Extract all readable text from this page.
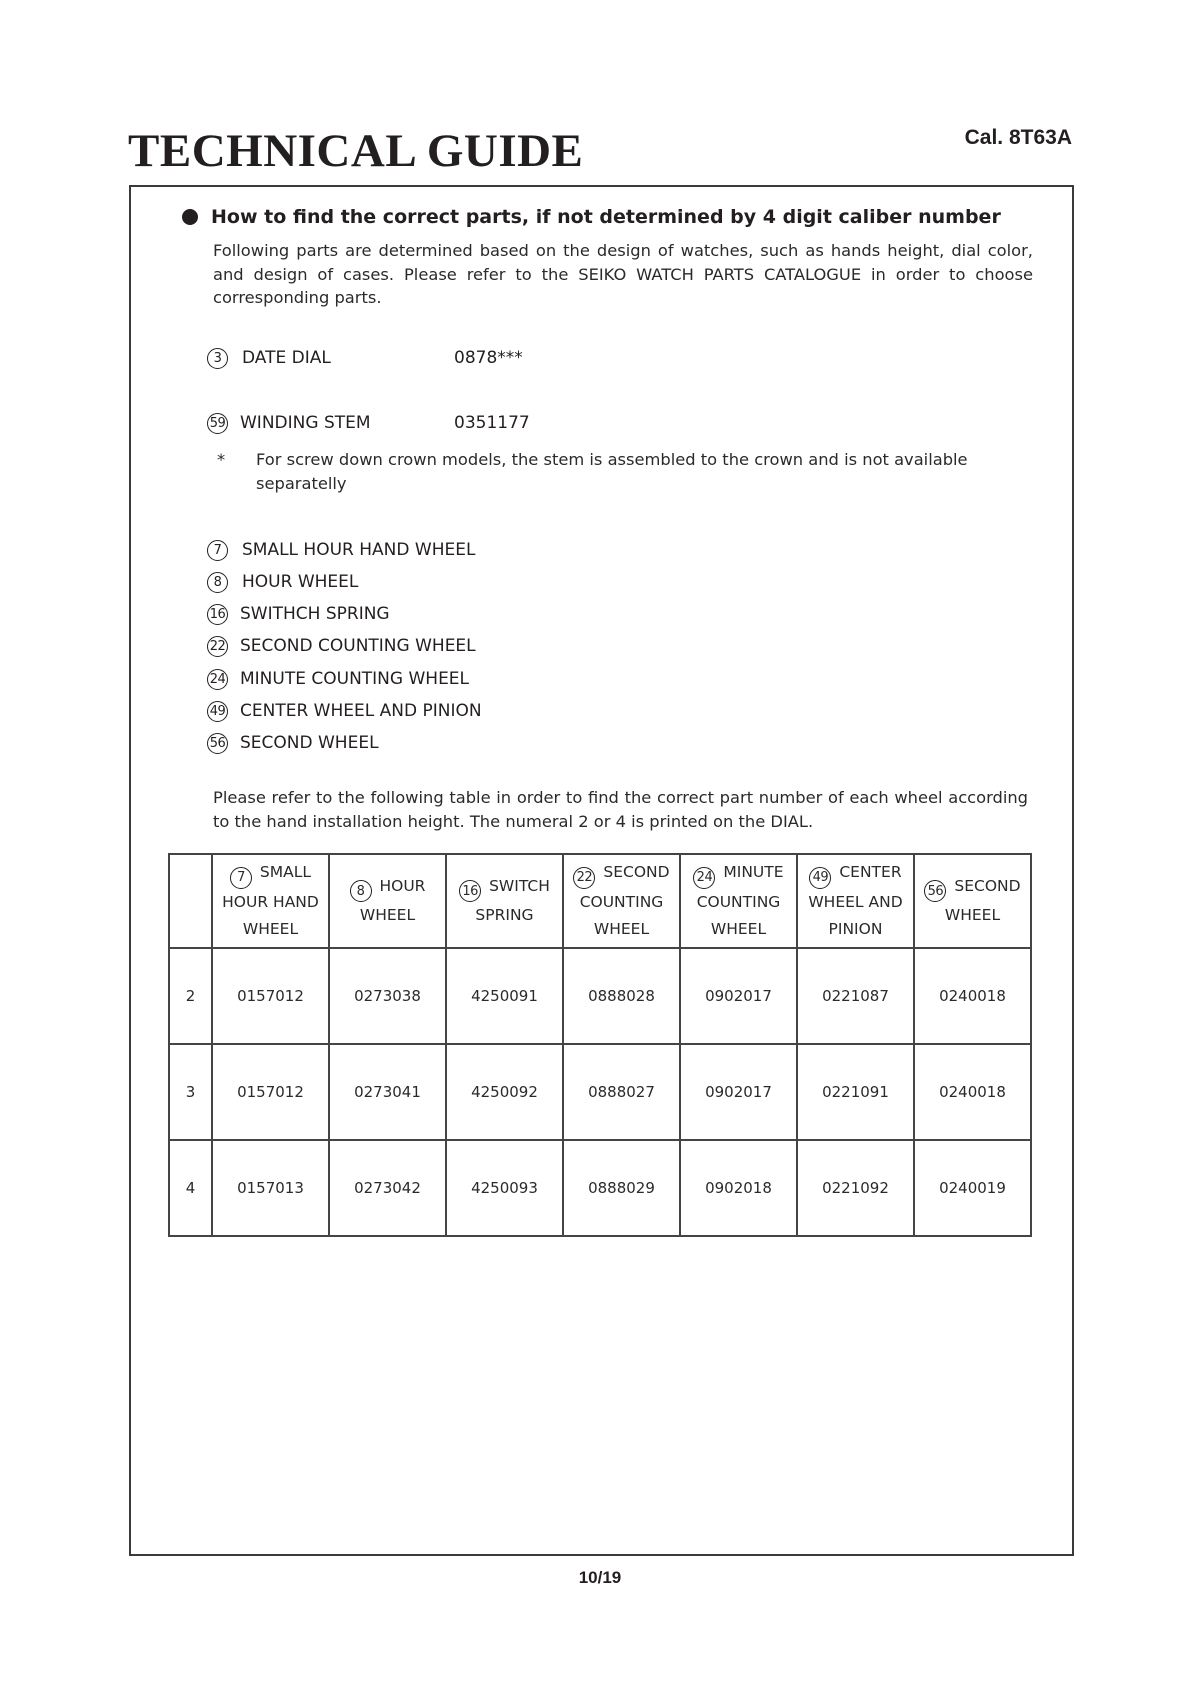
TECHNICAL GUIDE	Cal. 8T63A
How to find the correct parts, if not determined by 4 digit caliber number
Following parts are determined based on the design of watches, such as hands height, dial color, and design of cases. Please refer to the SEIKO WATCH PARTS CATALOGUE in order to choose corresponding parts.
3	DATE DIAL	0878***
59 WINDING STEM	0351177
* For screw down crown models, the stem is assembled to the crown and is not available separatelly
7	SMALL HOUR HAND WHEEL
8	HOUR WHEEL
16 SWITHCH SPRING
22 SECOND COUNTING WHEEL
24 MINUTE COUNTING WHEEL
49 CENTER WHEEL AND PINION
56 SECOND WHEEL
Please refer to the following table in order to find the correct part number of each wheel according to the hand installation height. The numeral 2 or 4 is printed on the DIAL.
	7 SMALL HOUR HAND WHEEL	8 HOUR WHEEL	16 SWITCH SPRING	22 SECOND COUNTING WHEEL	24 MINUTE COUNTING WHEEL	49 CENTER WHEEL AND PINION	56 SECOND WHEEL
2	0157012	0273038	4250091	0888028	0902017	0221087	0240018
3	0157012	0273041	4250092	0888027	0902017	0221091	0240018
4	0157013	0273042	4250093	0888029	0902018	0221092	0240019
10/19
